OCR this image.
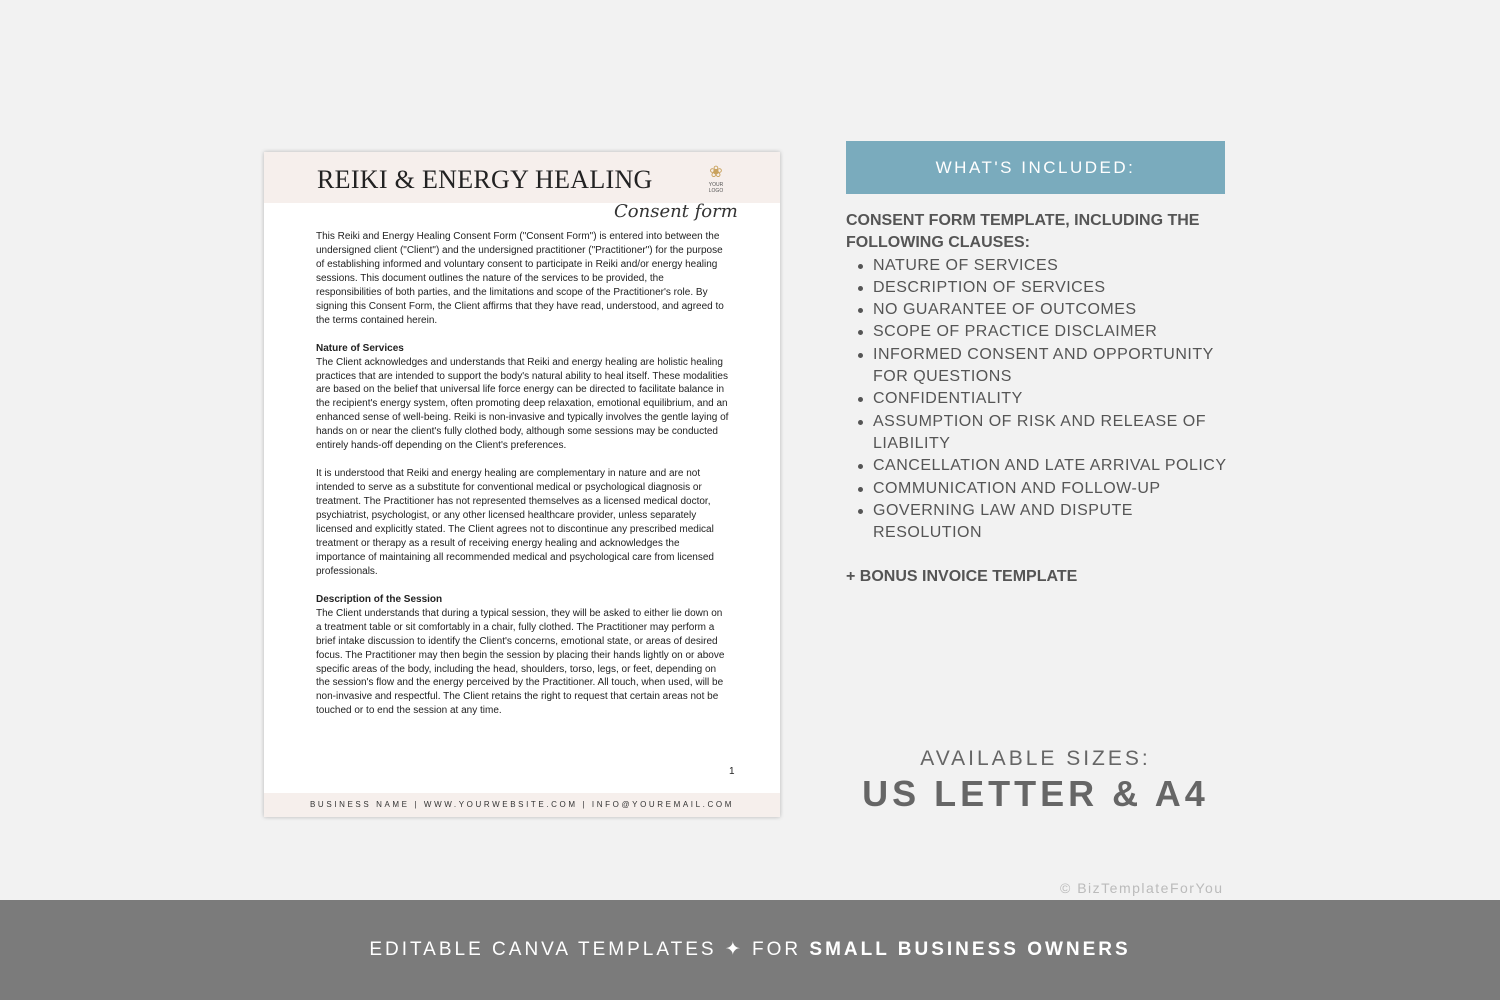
REIKI & ENERGY HEALING
Consent form
❀
YOUR LOGO
This Reiki and Energy Healing Consent Form ("Consent Form") is entered into between the undersigned client ("Client") and the undersigned practitioner ("Practitioner") for the purpose of establishing informed and voluntary consent to participate in Reiki and/or energy healing sessions. This document outlines the nature of the services to be provided, the responsibilities of both parties, and the limitations and scope of the Practitioner's role. By signing this Consent Form, the Client affirms that they have read, understood, and agreed to the terms contained herein.
Nature of Services
The Client acknowledges and understands that Reiki and energy healing are holistic healing practices that are intended to support the body's natural ability to heal itself. These modalities are based on the belief that universal life force energy can be directed to facilitate balance in the recipient's energy system, often promoting deep relaxation, emotional equilibrium, and an enhanced sense of well-being. Reiki is non-invasive and typically involves the gentle laying of hands on or near the client's fully clothed body, although some sessions may be conducted entirely hands-off depending on the Client's preferences.
It is understood that Reiki and energy healing are complementary in nature and are not intended to serve as a substitute for conventional medical or psychological diagnosis or treatment. The Practitioner has not represented themselves as a licensed medical doctor, psychiatrist, psychologist, or any other licensed healthcare provider, unless separately licensed and explicitly stated. The Client agrees not to discontinue any prescribed medical treatment or therapy as a result of receiving energy healing and acknowledges the importance of maintaining all recommended medical and psychological care from licensed professionals.
Description of the Session
The Client understands that during a typical session, they will be asked to either lie down on a treatment table or sit comfortably in a chair, fully clothed. The Practitioner may perform a brief intake discussion to identify the Client's concerns, emotional state, or areas of desired focus. The Practitioner may then begin the session by placing their hands lightly on or above specific areas of the body, including the head, shoulders, torso, legs, or feet, depending on the session's flow and the energy perceived by the Practitioner. All touch, when used, will be non-invasive and respectful. The Client retains the right to request that certain areas not be touched or to end the session at any time.
1
BUSINESS NAME | WWW.YOURWEBSITE.COM | INFO@YOUREMAIL.COM
WHAT'S INCLUDED:
CONSENT FORM TEMPLATE, INCLUDING THE FOLLOWING CLAUSES:
NATURE OF SERVICES
DESCRIPTION OF SERVICES
NO GUARANTEE OF OUTCOMES
SCOPE OF PRACTICE DISCLAIMER
INFORMED CONSENT AND OPPORTUNITY FOR QUESTIONS
CONFIDENTIALITY
ASSUMPTION OF RISK AND RELEASE OF LIABILITY
CANCELLATION AND LATE ARRIVAL POLICY
COMMUNICATION AND FOLLOW-UP
GOVERNING LAW AND DISPUTE RESOLUTION
+ BONUS INVOICE TEMPLATE
AVAILABLE SIZES:
US LETTER & A4
© BizTemplateForYou
EDITABLE CANVA TEMPLATES ✦ FOR SMALL BUSINESS OWNERS
